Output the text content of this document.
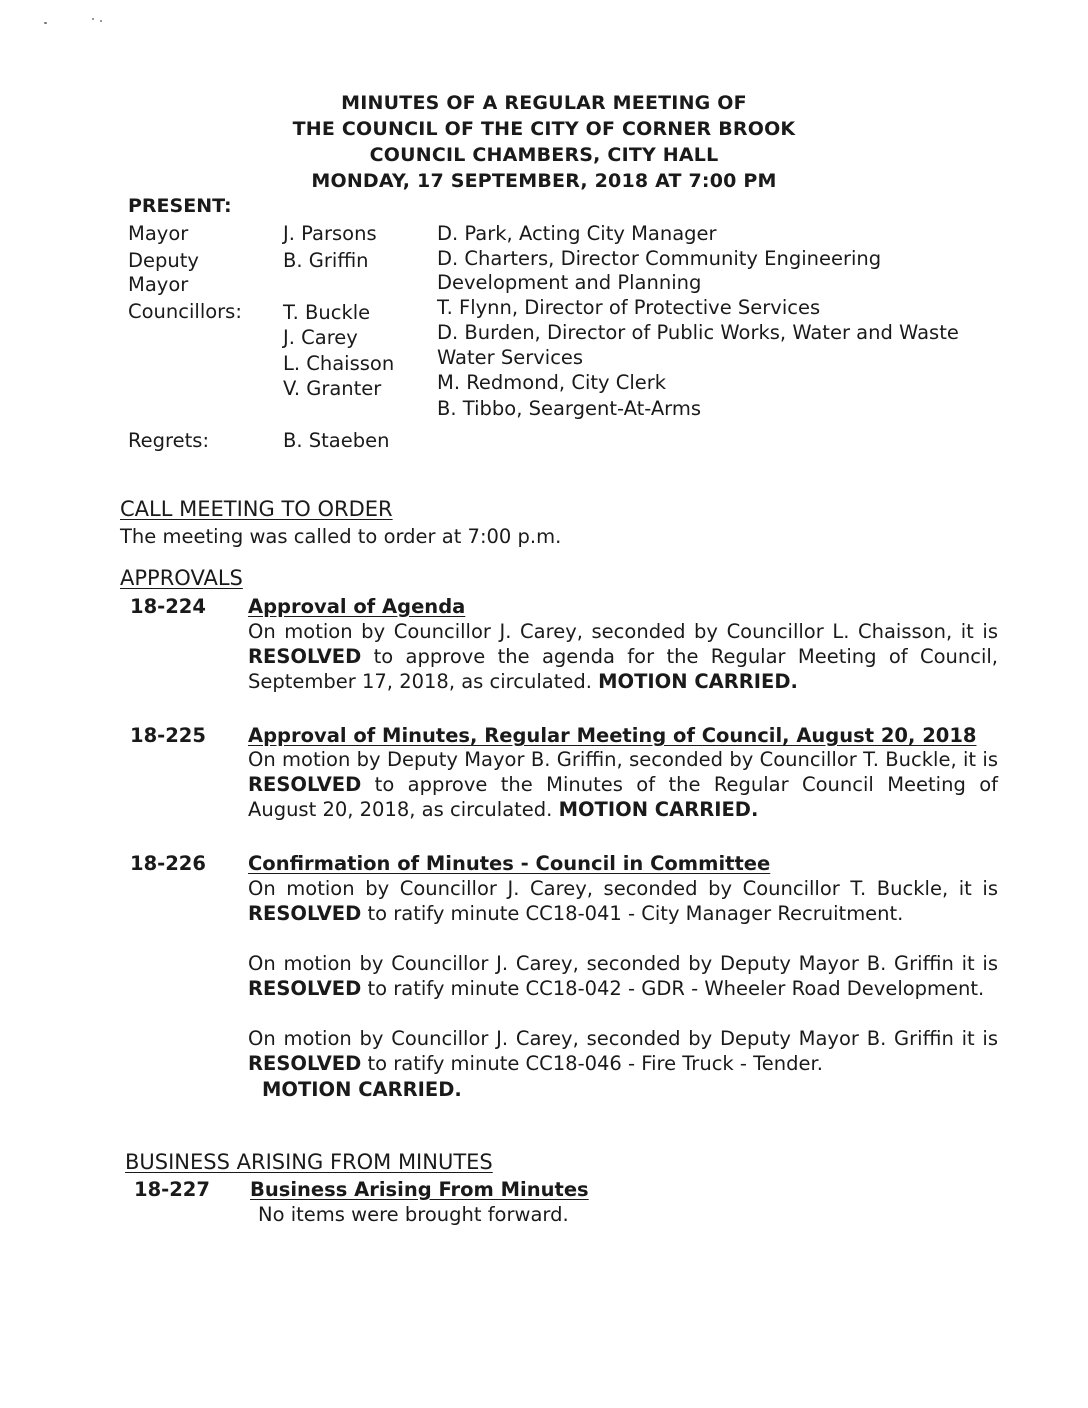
MINUTES OF A REGULAR MEETING OF
THE COUNCIL OF THE CITY OF CORNER BROOK
COUNCIL CHAMBERS, CITY HALL
MONDAY, 17 SEPTEMBER, 2018 AT 7:00 PM
PRESENT:
Mayor
Deputy
Mayor
Councillors:
Regrets:
J. Parsons
B. Griffin
T. Buckle
J. Carey
L. Chaisson
V. Granter
B. Staeben
D. Park, Acting City Manager
D. Charters, Director Community Engineering
Development and Planning
T. Flynn, Director of Protective Services
D. Burden, Director of Public Works, Water and Waste
Water Services
M. Redmond, City Clerk
B. Tibbo, Seargent-At-Arms
CALL MEETING TO ORDER
The meeting was called to order at 7:00 p.m.
APPROVALS
18-224 Approval of Agenda
On motion by Councillor J. Carey, seconded by Councillor L. Chaisson, it is RESOLVED to approve the agenda for the Regular Meeting of Council, September 17, 2018, as circulated. MOTION CARRIED.
18-225 Approval of Minutes, Regular Meeting of Council, August 20, 2018
On motion by Deputy Mayor B. Griffin, seconded by Councillor T. Buckle, it is RESOLVED to approve the Minutes of the Regular Council Meeting of August 20, 2018, as circulated. MOTION CARRIED.
18-226 Confirmation of Minutes - Council in Committee
On motion by Councillor J. Carey, seconded by Councillor T. Buckle, it is RESOLVED to ratify minute CC18-041 - City Manager Recruitment.
On motion by Councillor J. Carey, seconded by Deputy Mayor B. Griffin it is RESOLVED to ratify minute CC18-042 - GDR - Wheeler Road Development.
On motion by Councillor J. Carey, seconded by Deputy Mayor B. Griffin it is RESOLVED to ratify minute CC18-046 - Fire Truck - Tender.
MOTION CARRIED.
BUSINESS ARISING FROM MINUTES
18-227 Business Arising From Minutes
No items were brought forward.
